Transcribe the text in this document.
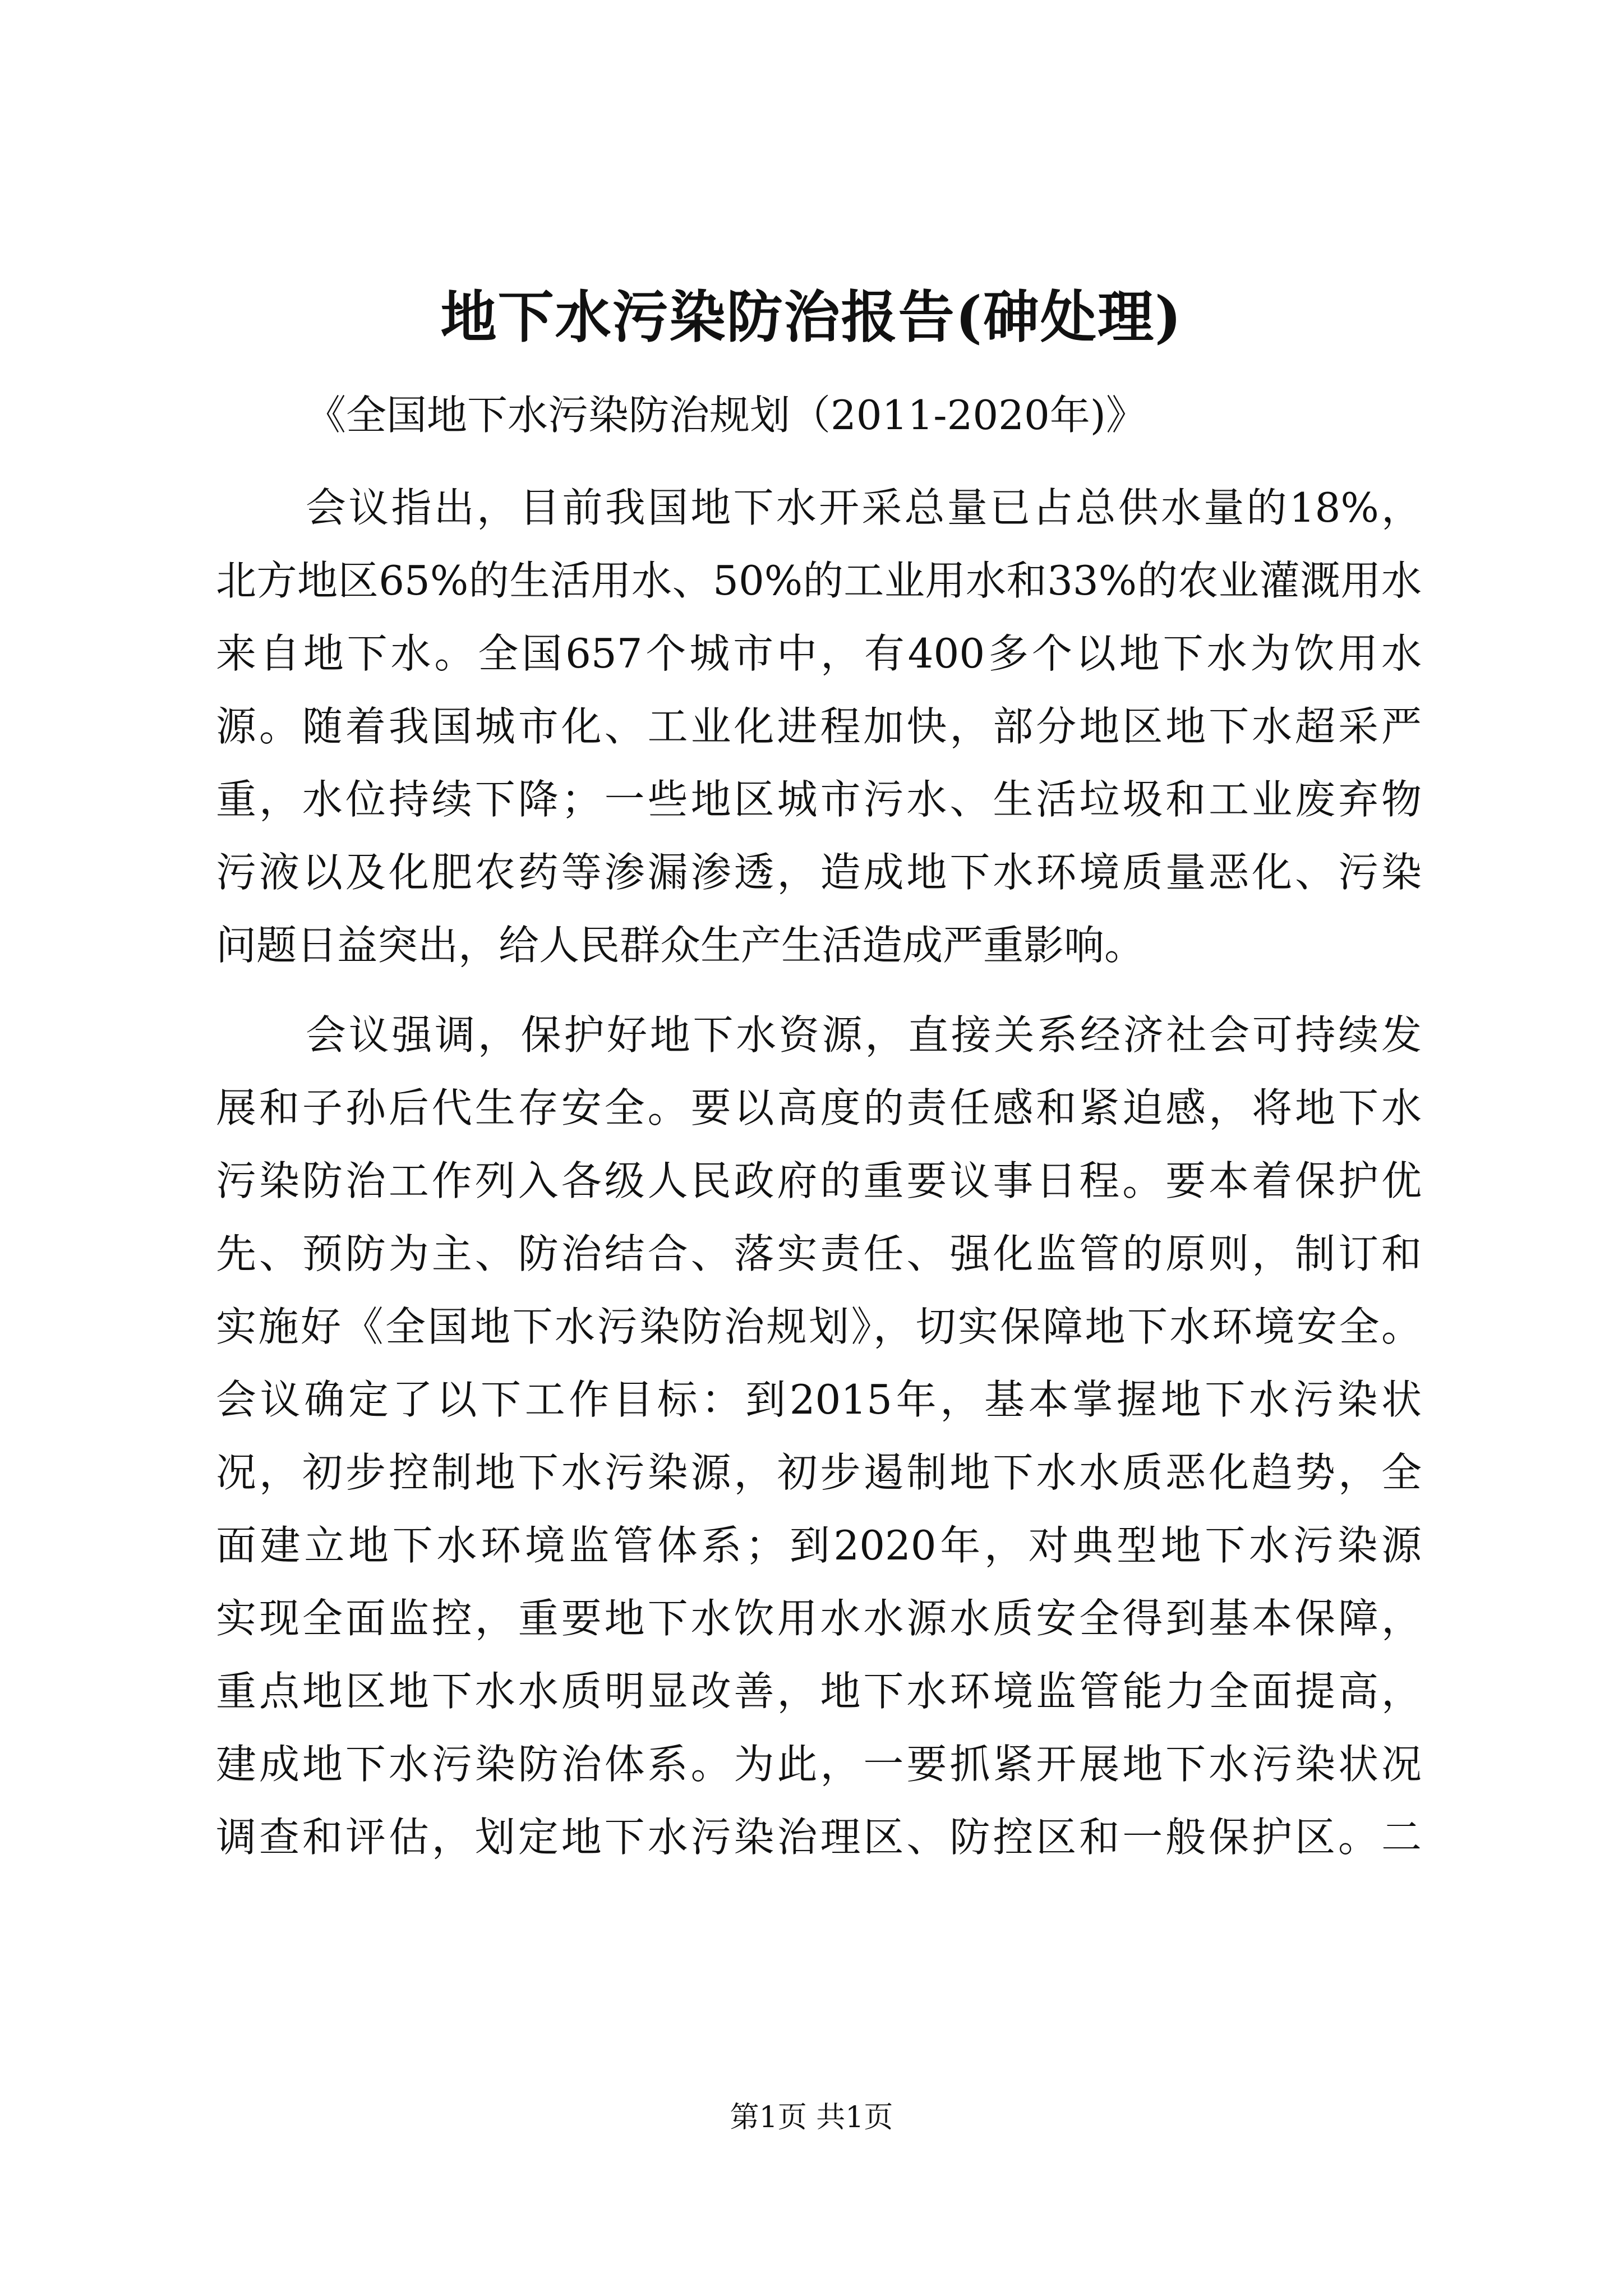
地下水污染防治报告(砷处理)
《全国地下水污染防治规划（2011-2020年)》
会议指出，目前我国地下水开采总量已占总供水量的18%，
北方地区65%的生活用水、50%的工业用水和33%的农业灌溉用水
来自地下水。全国657个城市中，有400多个以地下水为饮用水
源。随着我国城市化、工业化进程加快，部分地区地下水超采严
重，水位持续下降；一些地区城市污水、生活垃圾和工业废弃物
污液以及化肥农药等渗漏渗透，造成地下水环境质量恶化、污染
问题日益突出，给人民群众生产生活造成严重影响。
会议强调，保护好地下水资源，直接关系经济社会可持续发
展和子孙后代生存安全。要以高度的责任感和紧迫感，将地下水
污染防治工作列入各级人民政府的重要议事日程。要本着保护优
先、预防为主、防治结合、落实责任、强化监管的原则，制订和
实施好《全国地下水污染防治规划》，切实保障地下水环境安全。
会议确定了以下工作目标：到2015年，基本掌握地下水污染状
况，初步控制地下水污染源，初步遏制地下水水质恶化趋势，全
面建立地下水环境监管体系；到2020年，对典型地下水污染源
实现全面监控，重要地下水饮用水水源水质安全得到基本保障，
重点地区地下水水质明显改善，地下水环境监管能力全面提高，
建成地下水污染防治体系。为此，一要抓紧开展地下水污染状况
调查和评估，划定地下水污染治理区、防控区和一般保护区。二
第1页 共1页
